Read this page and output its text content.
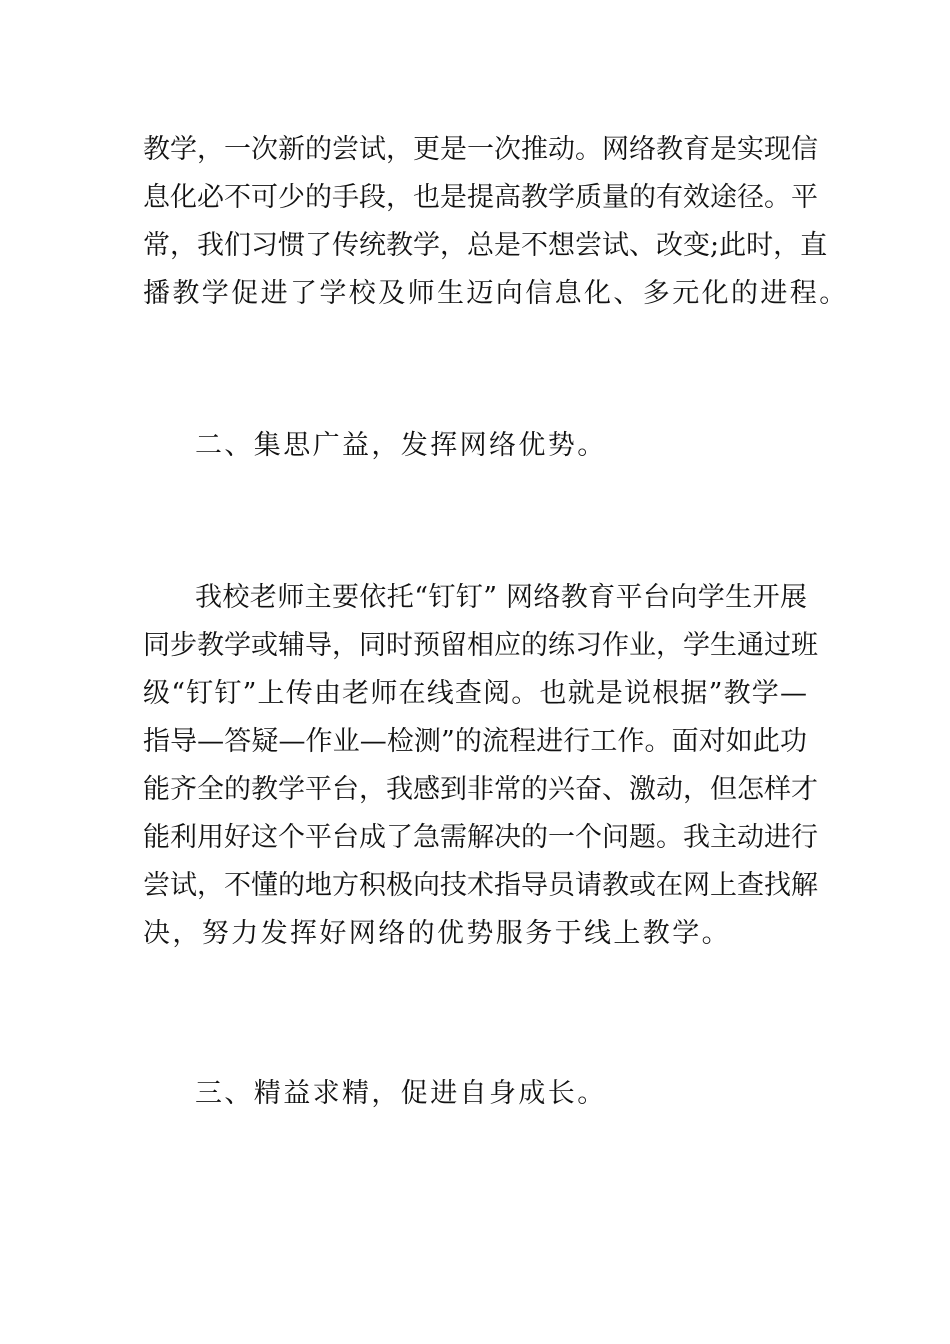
教学，一次新的尝试，更是一次推动。网络教育是实现信
息化必不可少的手段，也是提高教学质量的有效途径。平
常，我们习惯了传统教学，总是不想尝试、改变;此时，直
播教学促进了学校及师生迈向信息化、多元化的进程。
二、集思广益，发挥网络优势。
我校老师主要依托“钉钉” 网络教育平台向学生开展
同步教学或辅导，同时预留相应的练习作业，学生通过班
级“钉钉”上传由老师在线查阅。也就是说根据”教学—
指导—答疑—作业—检测”的流程进行工作。面对如此功
能齐全的教学平台，我感到非常的兴奋、激动，但怎样才
能利用好这个平台成了急需解决的一个问题。我主动进行
尝试，不懂的地方积极向技术指导员请教或在网上查找解
决，努力发挥好网络的优势服务于线上教学。
三、精益求精，促进自身成长。
